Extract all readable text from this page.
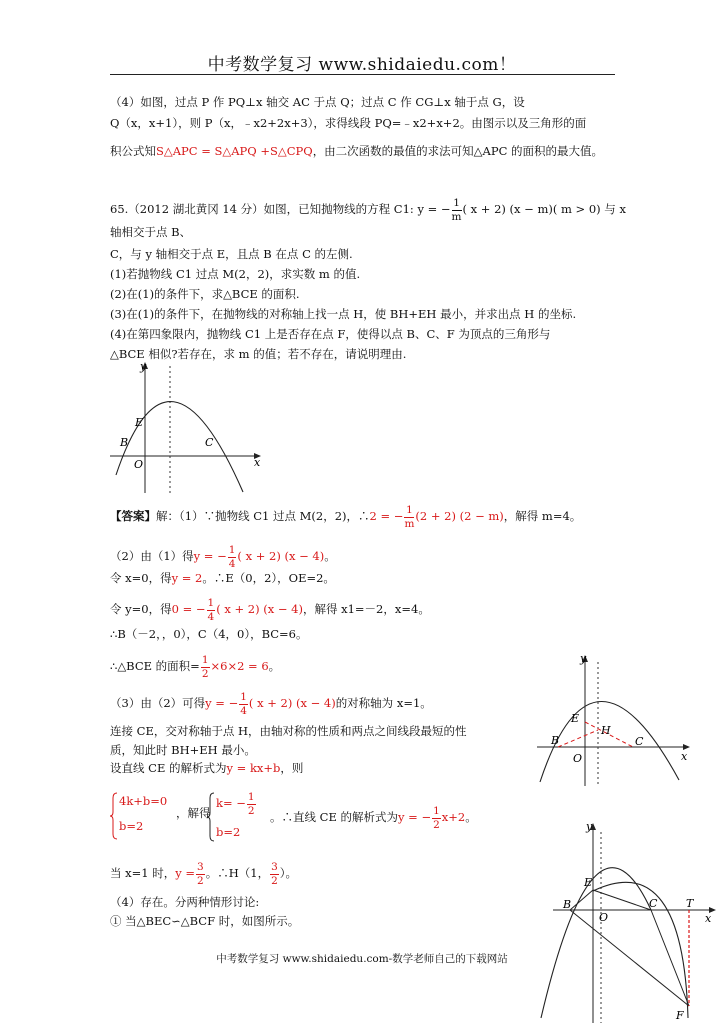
中考数学复习 www.shidaiedu.com！
（4）如图，过点 P 作 PQ⊥x 轴交 AC 于点 Q；过点 C 作 CG⊥x 轴于点 G，设
Q（x，x+1），则 P（x，﹣x2+2x+3），求得线段 PQ=﹣x2+x+2。由图示以及三角形的面
积公式知S△APC = S△APQ +S△CPQ，由二次函数的最值的求法可知△APC 的面积的最大值。
65.（2012 湖北黄冈 14 分）如图，已知抛物线的方程 C1: y = − $\frac{1}{m}$ ( x + 2) (x − m)( m > 0) 与 x
轴相交于点 B、
C，与 y 轴相交于点 E，且点 B 在点 C 的左侧.
(1)若抛物线 C1 过点 M(2，2)，求实数 m 的值.
(2)在(1)的条件下，求△BCE 的面积.
(3)在(1)的条件下，在抛物线的对称轴上找一点 H，使 BH+EH 最小，并求出点 H 的坐标.
(4)在第四象限内，抛物线 C1 上是否存在点 F，使得以点 B、C、F 为顶点的三角形与
△BCE 相似?若存在，求 m 的值；若不存在，请说明理由.
y
x
E
B	C
O
【答案】解：（1）∵抛物线 C1 过点 M(2，2)，∴2 = − $\frac{1}{m} (2 + 2) (2 - m)$，解得 m=4。
（2）由（1）得y = − $\frac{1}{4}$ ( x + 2) (x − 4)。
令 x=0，得y = 2。∴E（0，2），OE=2。
令 y=0，得0 = − $\frac{1}{4}$ ( x + 2) (x − 4)，解得 x1=－2，x=4。
∴B（－2，，0），C（4，0），BC=6。
∴△BCE 的面积= $\frac{1}{2} \times 6\times 2 = 6$。
（3）由（2）可得y = − $\frac{1}{4}$ ( x + 2) (x − 4)的对称轴为 x=1。
连接 CE，交对称轴于点 H，由轴对称的性质和两点之间线段最短的性
质，知此时 BH+EH 最小。
设直线 CE 的解析式为y = kx+b，则
4k+b=0
b=2
，解得
$k= - \frac{1}{2}$
b=2
。∴直线 CE 的解析式为y = − $\frac{1}{2} x+2$。
当 x=1 时，$y = \frac{3}{2}$ 。∴H（1， $\frac{3}{2}$ ）。
（4）存在。分两种情形讨论:
① 当△BEC∽△BCF 时，如图所示。
y
x
E
H
B	C
O
y
x
E
B	C
O
T
F
中考数学复习 www.shidaiedu.com-数学老师自己的下载网站
